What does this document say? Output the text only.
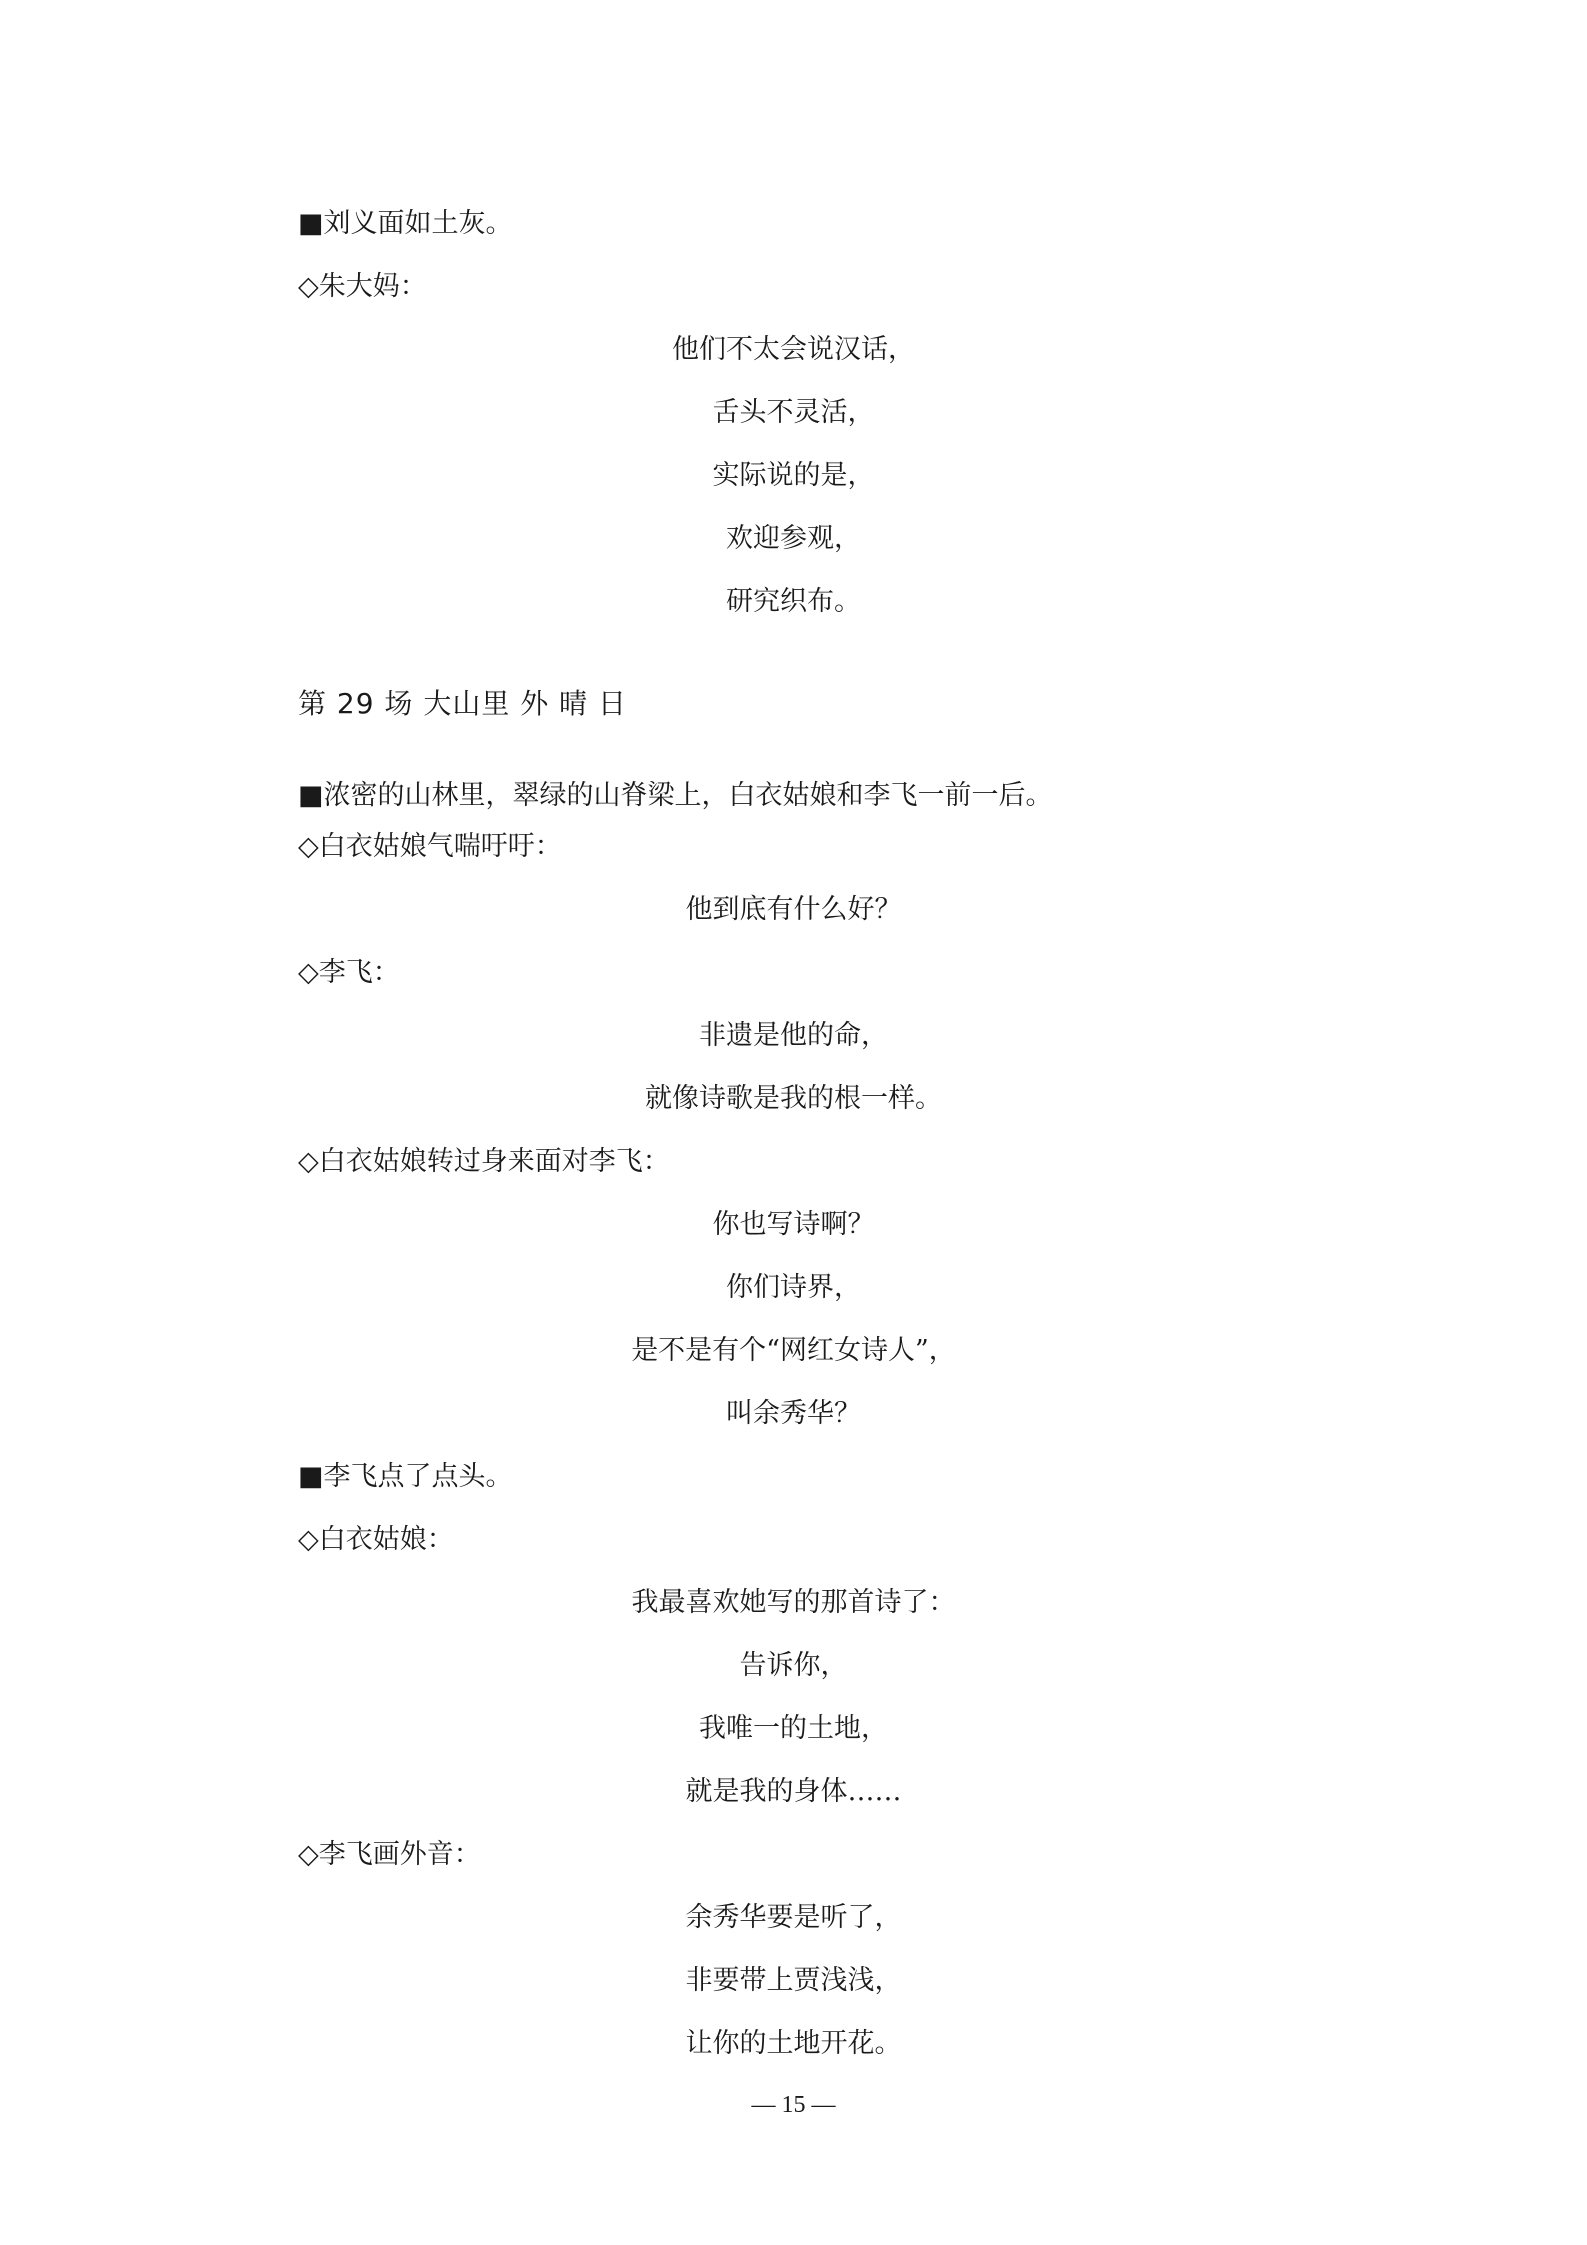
■刘义面如土灰。
◇朱大妈：
他们不太会说汉话，
舌头不灵活，
实际说的是，
欢迎参观，
研究织布。
第 29 场 大山里 外 晴 日
■浓密的山林里，翠绿的山脊梁上，白衣姑娘和李飞一前一后。
◇白衣姑娘气喘吁吁：
他到底有什么好？
◇李飞：
非遗是他的命，
就像诗歌是我的根一样。
◇白衣姑娘转过身来面对李飞：
你也写诗啊？
你们诗界，
是不是有个“网红女诗人”，
叫余秀华？
■李飞点了点头。
◇白衣姑娘：
我最喜欢她写的那首诗了：
告诉你，
我唯一的土地，
就是我的身体……
◇李飞画外音：
余秀华要是听了，
非要带上贾浅浅，
让你的土地开花。
— 15 —
